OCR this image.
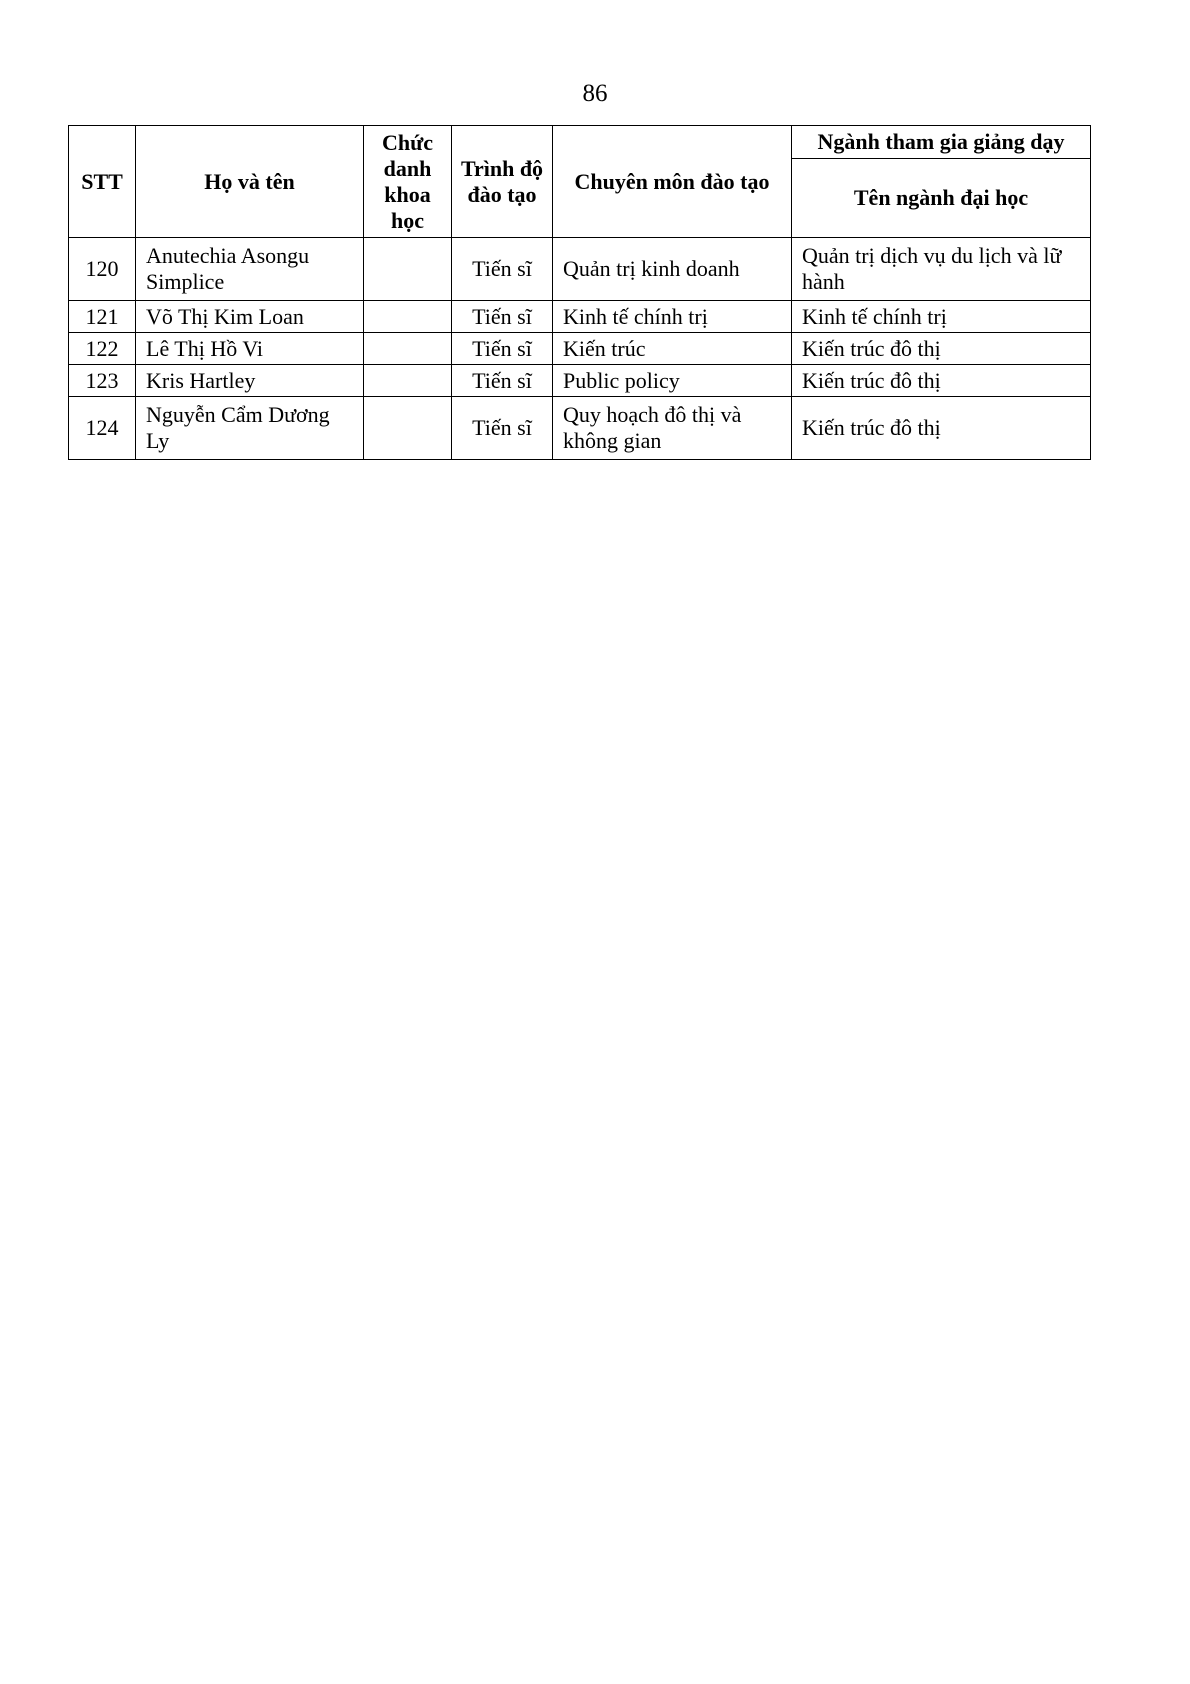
86
STT	Họ và tên	Chức danh khoa học	Trình độ đào tạo	Chuyên môn đào tạo	Ngành tham gia giảng dạy
					Tên ngành đại học
120	Anutechia Asongu Simplice		Tiến sĩ	Quản trị kinh doanh	Quản trị dịch vụ du lịch và lữ hành
121	Võ Thị Kim Loan		Tiến sĩ	Kinh tế chính trị	Kinh tế chính trị
122	Lê Thị Hồ Vi		Tiến sĩ	Kiến trúc	Kiến trúc đô thị
123	Kris Hartley		Tiến sĩ	Public policy	Kiến trúc đô thị
124	Nguyễn Cẩm Dương Ly		Tiến sĩ	Quy hoạch đô thị và không gian	Kiến trúc đô thị
